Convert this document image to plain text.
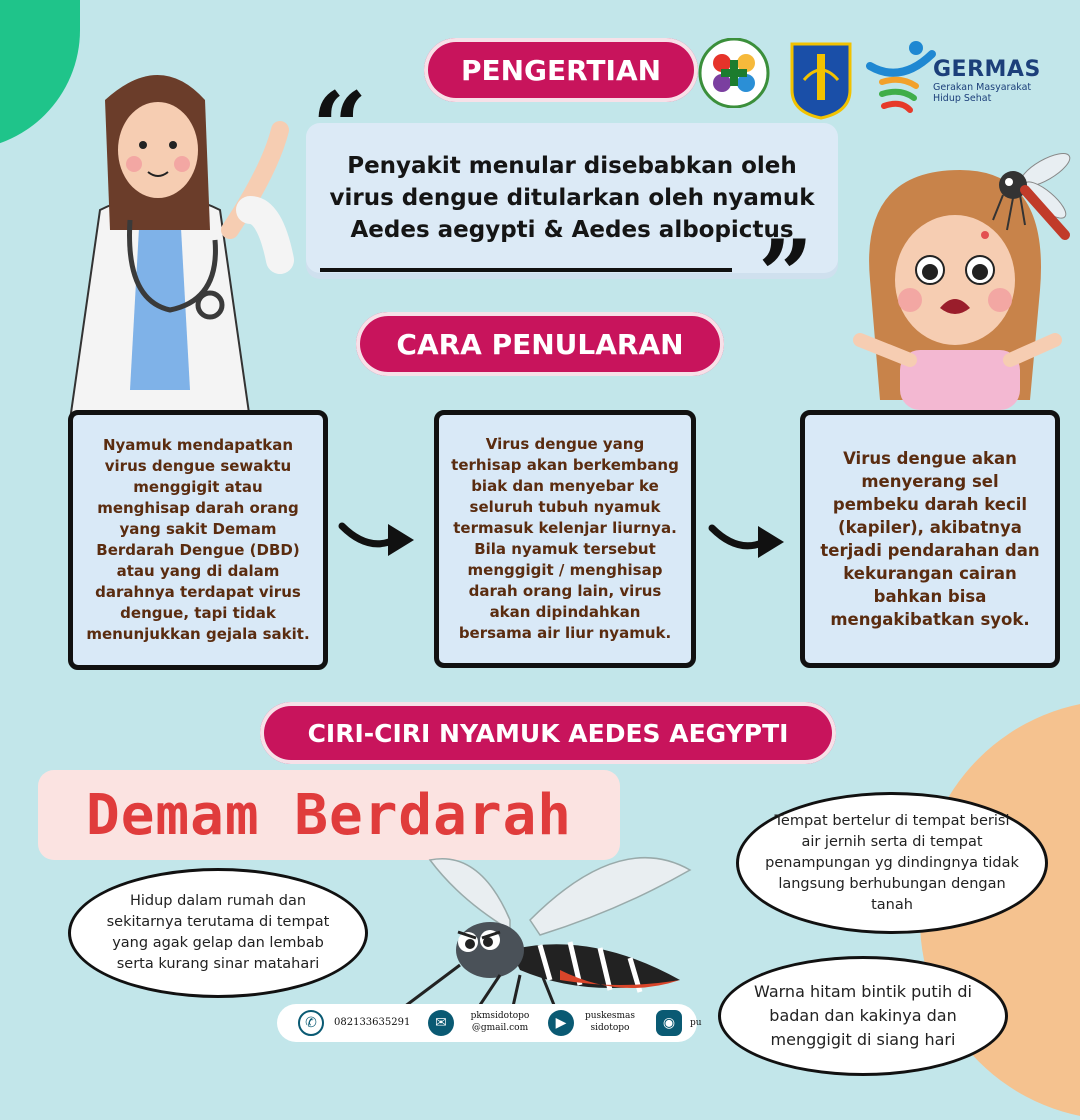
GERMAS
Gerakan Masyarakat
Hidup Sehat
PENGERTIAN
Penyakit menular disebabkan oleh
virus dengue ditularkan oleh nyamuk
Aedes aegypti & Aedes albopictus
”
CARA PENULARAN
Nyamuk mendapatkan virus dengue sewaktu menggigit atau menghisap darah orang yang sakit Demam Berdarah Dengue (DBD) atau yang di dalam darahnya terdapat virus dengue, tapi tidak menunjukkan gejala sakit.
Virus dengue yang terhisap akan berkembang biak dan menyebar ke seluruh tubuh nyamuk termasuk kelenjar liurnya. Bila nyamuk tersebut menggigit / menghisap darah orang lain, virus akan dipindahkan bersama air liur nyamuk.
Virus dengue akan menyerang sel pembeku darah kecil (kapiler), akibatnya terjadi pendarahan dan kekurangan cairan bahkan bisa mengakibatkan syok.
CIRI-CIRI NYAMUK AEDES AEGYPTI
Demam Berdarah
Hidup dalam rumah dan sekitarnya terutama di tempat yang agak gelap dan lembab serta kurang sinar matahari
Tempat bertelur di tempat berisi air jernih serta di tempat penampungan yg dindingnya tidak langsung berhubungan dengan tanah
Warna hitam bintik putih di badan dan kakinya dan menggigit di siang hari
✆	082133635291	✉	pkmsidotopo
@gmail.com	▶	puskesmas
sidotopo	◉	pu
